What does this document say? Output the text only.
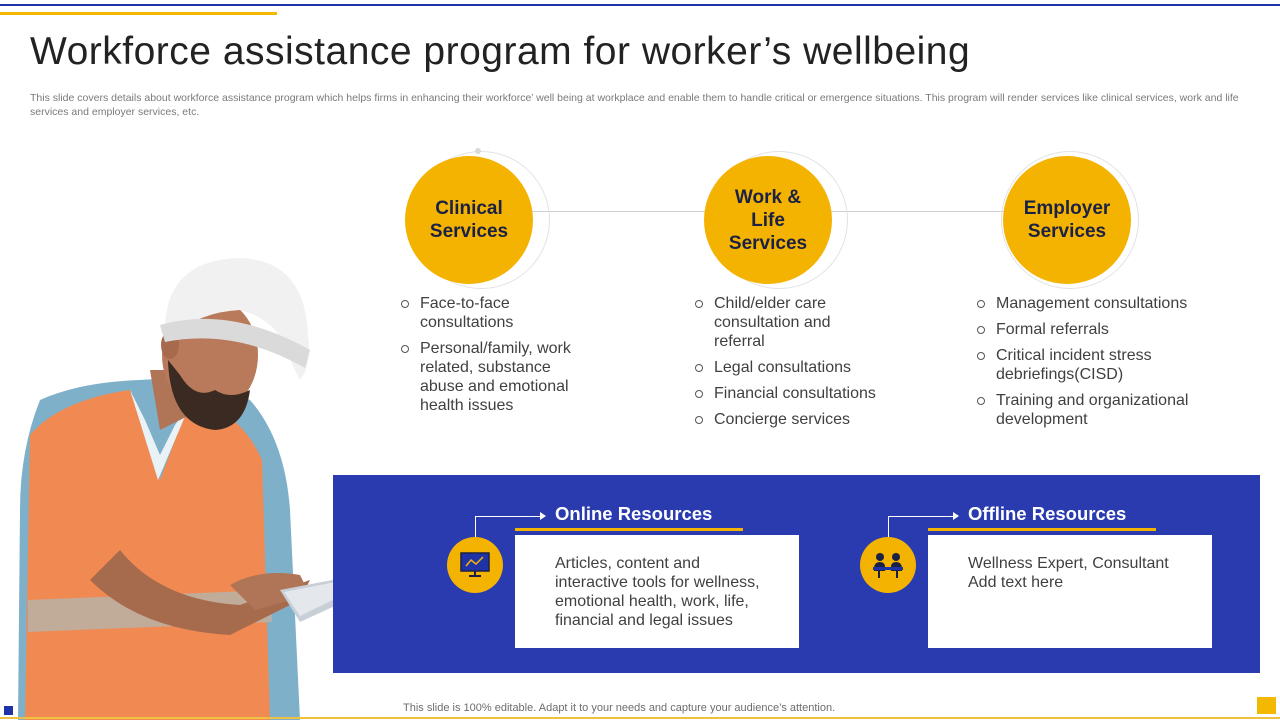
Workforce assistance program for worker’s wellbeing
This slide covers details about workforce assistance program which helps firms in enhancing their workforce’ well being at workplace and enable them to handle critical or emergence situations. This program will render services like clinical services, work and life services and employer services, etc.
Clinical Services
Work & Life Services
Employer Services
Face-to-face consultations
Personal/family, work related, substance abuse and emotional health issues
Child/elder care consultation and referral
Legal consultations
Financial consultations
Concierge services
Management consultations
Formal referrals
Critical incident stress debriefings(CISD)
Training and organizational development
Online Resources
Articles, content and interactive tools for wellness, emotional health, work, life, financial and legal issues
Offline Resources
Wellness Expert, Consultant Add text here
This slide is 100% editable. Adapt it to your needs and capture your audience’s attention.
